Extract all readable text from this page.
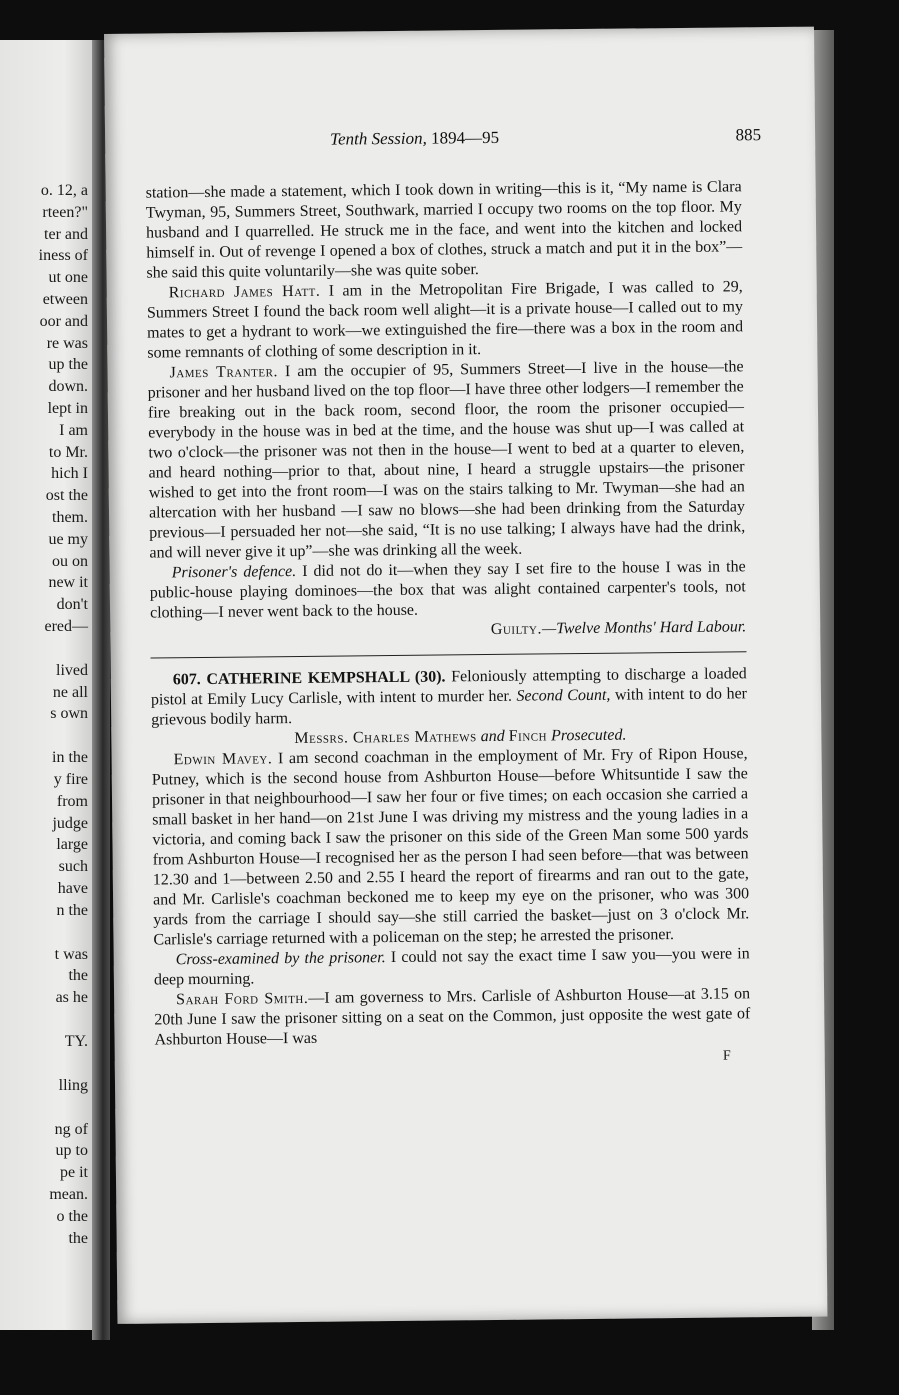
o. 12, a
rteen?"
ter and
iness of
ut one
etween
oor and
re was
up the
down.
lept in
I am
to Mr.
hich I
ost the
them.
ue my
ou on
new it
don't
ered—
lived
ne all
s own
in the
y fire
from
judge
large
such
have
n the
t was
the
as he
TY.
lling
ng of
up to
pe it
mean.
o the
the
Tenth Session, 1894—95	885

station—she made a statement, which I took down in writing—this is it, “My name is Clara Twyman, 95, Summers Street, Southwark, married I occupy two rooms on the top floor. My husband and I quarrelled. He struck me in the face, and went into the kitchen and locked himself in. Out of revenge I opened a box of clothes, struck a match and put it in the box”—she said this quite voluntarily—she was quite sober.

Richard James Hatt. I am in the Metropolitan Fire Brigade, I was called to 29, Summers Street I found the back room well alight—it is a private house—I called out to my mates to get a hydrant to work—we extinguished the fire—there was a box in the room and some remnants of clothing of some description in it.

James Tranter. I am the occupier of 95, Summers Street—I live in the house—the prisoner and her husband lived on the top floor—I have three other lodgers—I remember the fire breaking out in the back room, second floor, the room the prisoner occupied—everybody in the house was in bed at the time, and the house was shut up—I was called at two o'clock—the prisoner was not then in the house—I went to bed at a quarter to eleven, and heard nothing—prior to that, about nine, I heard a struggle upstairs—the prisoner wished to get into the front room—I was on the stairs talking to Mr. Twyman—she had an altercation with her husband —I saw no blows—she had been drinking from the Saturday previous—I persuaded her not—she said, “It is no use talking; I always have had the drink, and will never give it up”—she was drinking all the week.

Prisoner's defence. I did not do it—when they say I set fire to the house I was in the public-house playing dominoes—the box that was alight contained carpenter's tools, not clothing—I never went back to the house.

Guilty.—Twelve Months' Hard Labour.

607. CATHERINE KEMPSHALL (30). Feloniously attempting to discharge a loaded pistol at Emily Lucy Carlisle, with intent to murder her. Second Count, with intent to do her grievous bodily harm.

Messrs. Charles Mathews and Finch Prosecuted.

Edwin Mavey. I am second coachman in the employment of Mr. Fry of Ripon House, Putney, which is the second house from Ashburton House—before Whitsuntide I saw the prisoner in that neighbourhood—I saw her four or five times; on each occasion she carried a small basket in her hand—on 21st June I was driving my mistress and the young ladies in a victoria, and coming back I saw the prisoner on this side of the Green Man some 500 yards from Ashburton House—I recognised her as the person I had seen before—that was between 12.30 and 1—between 2.50 and 2.55 I heard the report of firearms and ran out to the gate, and Mr. Carlisle's coachman beckoned me to keep my eye on the prisoner, who was 300 yards from the carriage I should say—she still carried the basket—just on 3 o'clock Mr. Carlisle's carriage returned with a policeman on the step; he arrested the prisoner.

Cross-examined by the prisoner. I could not say the exact time I saw you—you were in deep mourning.

Sarah Ford Smith.—I am governess to Mrs. Carlisle of Ashburton House—at 3.15 on 20th June I saw the prisoner sitting on a seat on the Common, just opposite the west gate of Ashburton House—I was

F
